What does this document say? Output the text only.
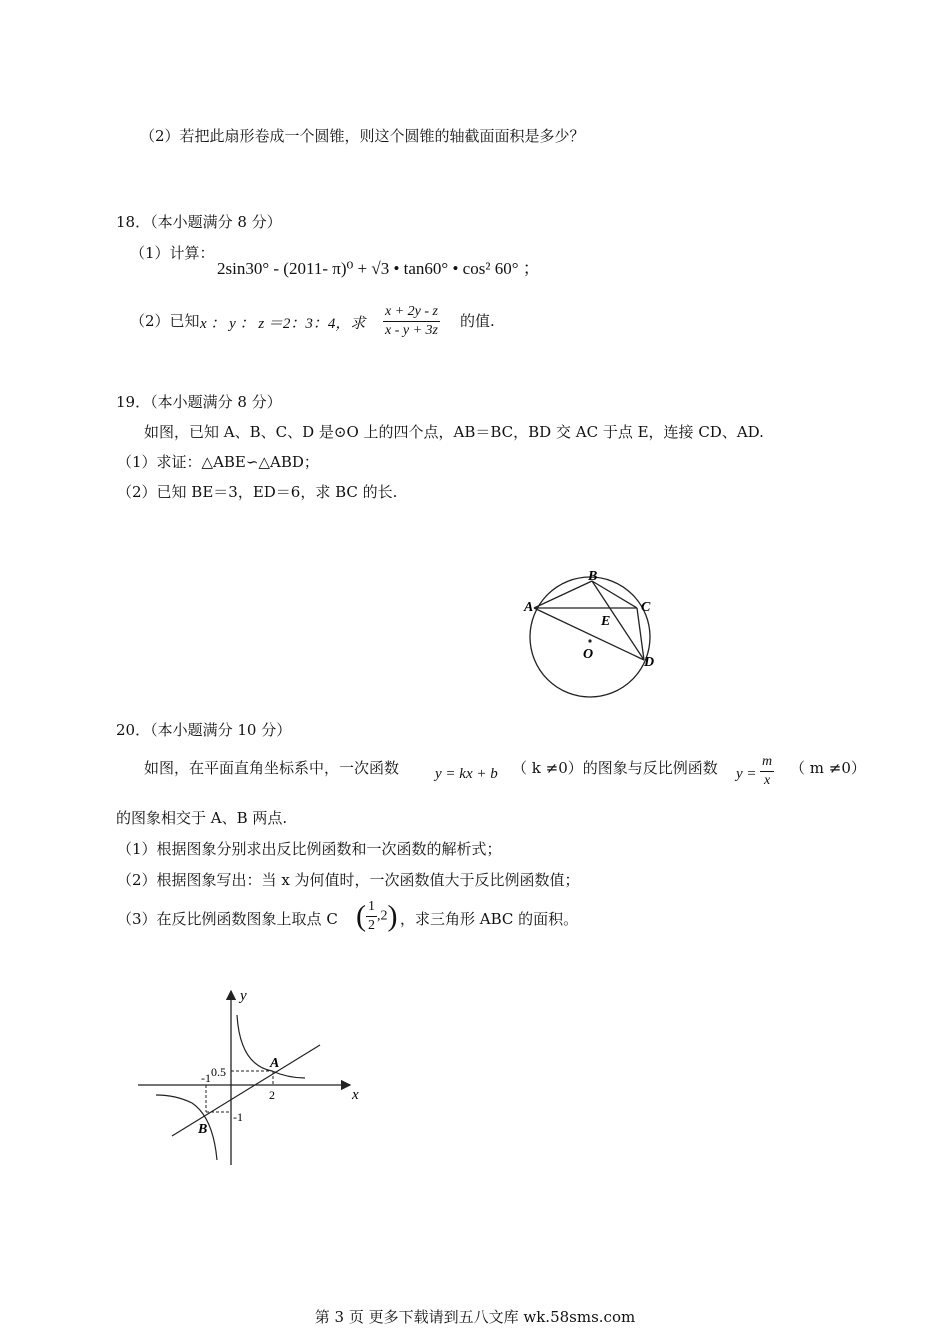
（2）若把此扇形卷成一个圆锥，则这个圆锥的轴截面面积是多少？
18．（本小题满分 8 分）
（1）计算：
2sin30° - (2011- π)⁰ + √3 • tan60° • cos² 60° ；
（2）已知 x ： y ： z ＝2：3：4，求 $\frac{x + 2y - z}{x - y + 3z}$ 的值.
19．（本小题满分 8 分）
如图，已知 A、B、C、D 是⊙O 上的四个点，AB＝BC，BD 交 AC 于点 E，连接 CD、AD.
（1）求证：△ABE∽△ABD；
（2）已知 BE＝3，ED＝6，求 BC 的长.
A
B
C
D
E
O
20．（本小题满分 10 分）
如图，在平面直角坐标系中，一次函数 y = kx + b （ k ≠0）的图象与反比例函数 $y = \frac{m}{x}$ （ m ≠0）
的图象相交于 A、B 两点.
（1）根据图象分别求出反比例函数和一次函数的解析式；
（2）根据图象写出：当 x 为何值时，一次函数值大于反比例函数值；
（3）在反比例函数图象上取点 C ( $\frac{1}{2} ,2$) ，求三角形 ABC 的面积。
y
x
A
B
0.5
-1
2
-1
第 3 页 更多下载请到五八文库 wk.58sms.com
